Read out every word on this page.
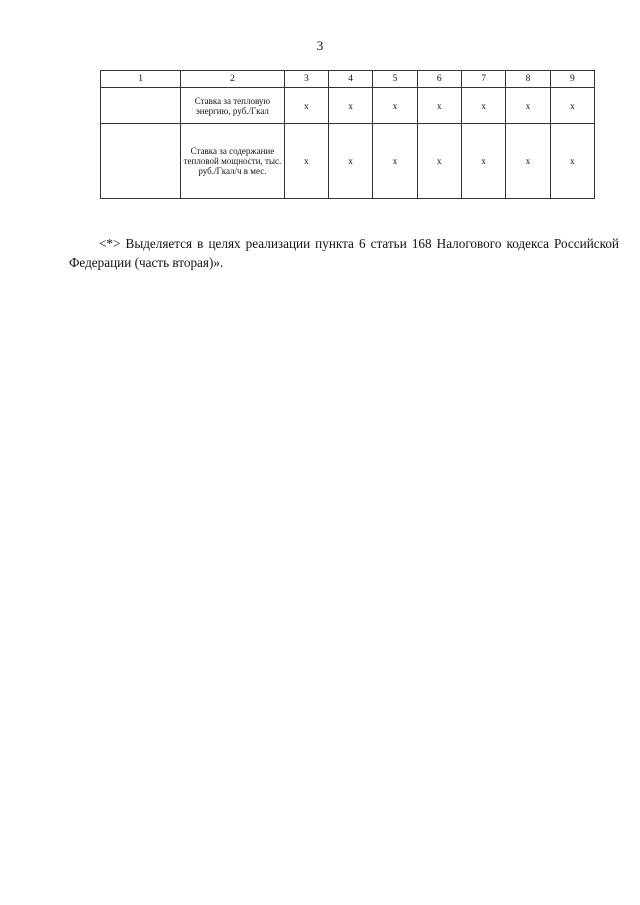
3
1	2	3	4	5	6	7	8	9
	Ставка за тепловую энергию, руб./Гкал	x	x	x	x	x	x	x
	Ставка за содержание тепловой мощности, тыс. руб./Гкал/ч в мес.	x	x	x	x	x	x	x

<*> Выделяется в целях реализации пункта 6 статьи 168 Налогового кодекса Российской Федерации (часть вторая)».
